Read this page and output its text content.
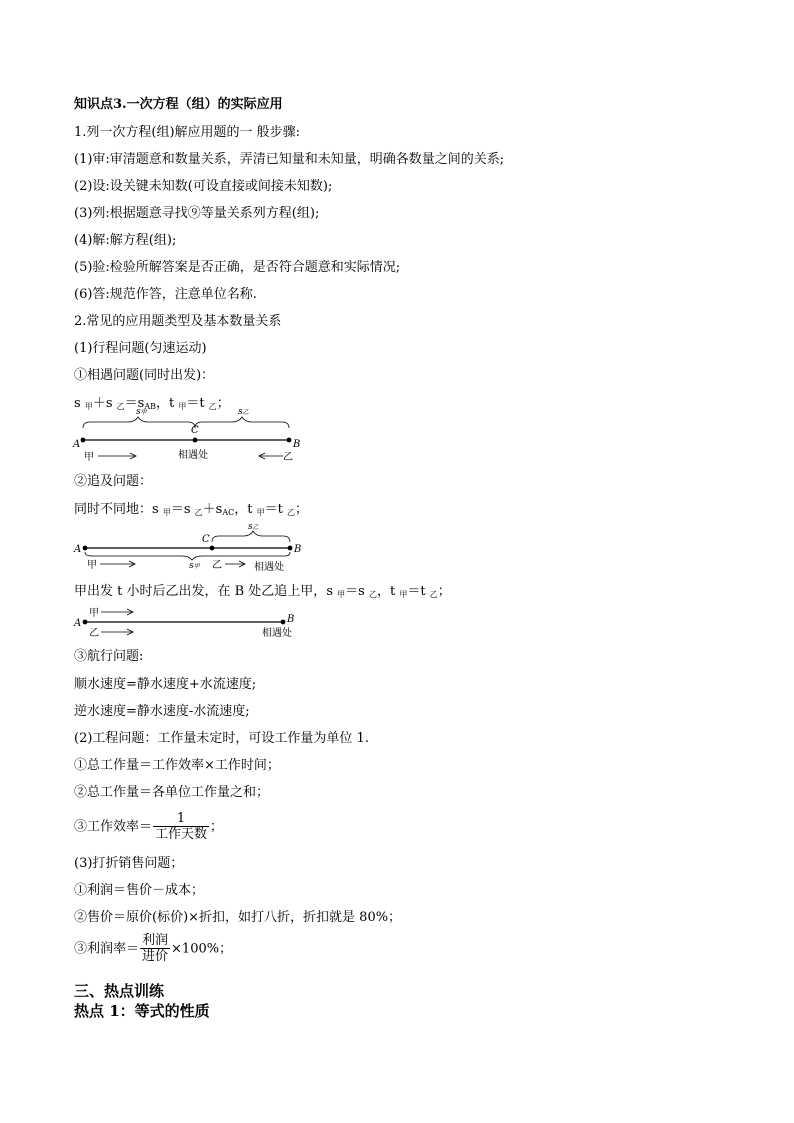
知识点3.一次方程（组）的实际应用
1.列一次方程(组)解应用题的一 般步骤:
(1)审:审清题意和数量关系，弄清已知量和未知量，明确各数量之间的关系;
(2)设:设关键未知数(可设直接或间接未知数);
(3)列:根据题意寻找⑨等量关系列方程(组);
(4)解:解方程(组);
(5)验:检验所解答案是否正确，是否符合题意和实际情况;
(6)答:规范作答，注意单位名称.
2.常见的应用题类型及基本数量关系
(1)行程问题(匀速运动)
①相遇问题(同时出发)：
s $_甲$＋s $_乙=s_{AB}$，t $_甲$＝t $_乙$；
s甲	s乙
A
C
B
相遇处
甲	乙
②追及问题：
同时不同地：s $_甲$＝s $_乙+s_{AC}$，t $_甲$＝t $_乙$；
s乙
A
C
B
s甲
甲	乙	相遇处
甲出发 t 小时后乙出发，在 B 处乙追上甲，s $_甲$＝s $_乙$，t $_甲$＝t $_乙$；
甲
A	B
乙	相遇处
③航行问题:
顺水速度=静水速度+水流速度;
逆水速度=静水速度-水流速度;
(2)工程问题：工作量未定时，可设工作量为单位 1.
①总工作量＝工作效率×工作时间；
②总工作量＝各单位工作量之和；
③工作效率＝ $\frac{1}{\text{工作天数}}$ ；
(3)打折销售问题；
①利润＝售价－成本；
②售价＝原价(标价)×折扣，如打八折，折扣就是 80%；
③利润率＝ $\frac{\text{利润}}{\text{进价}} \times 100\%$；
三、热点训练
热点 1：等式的性质
